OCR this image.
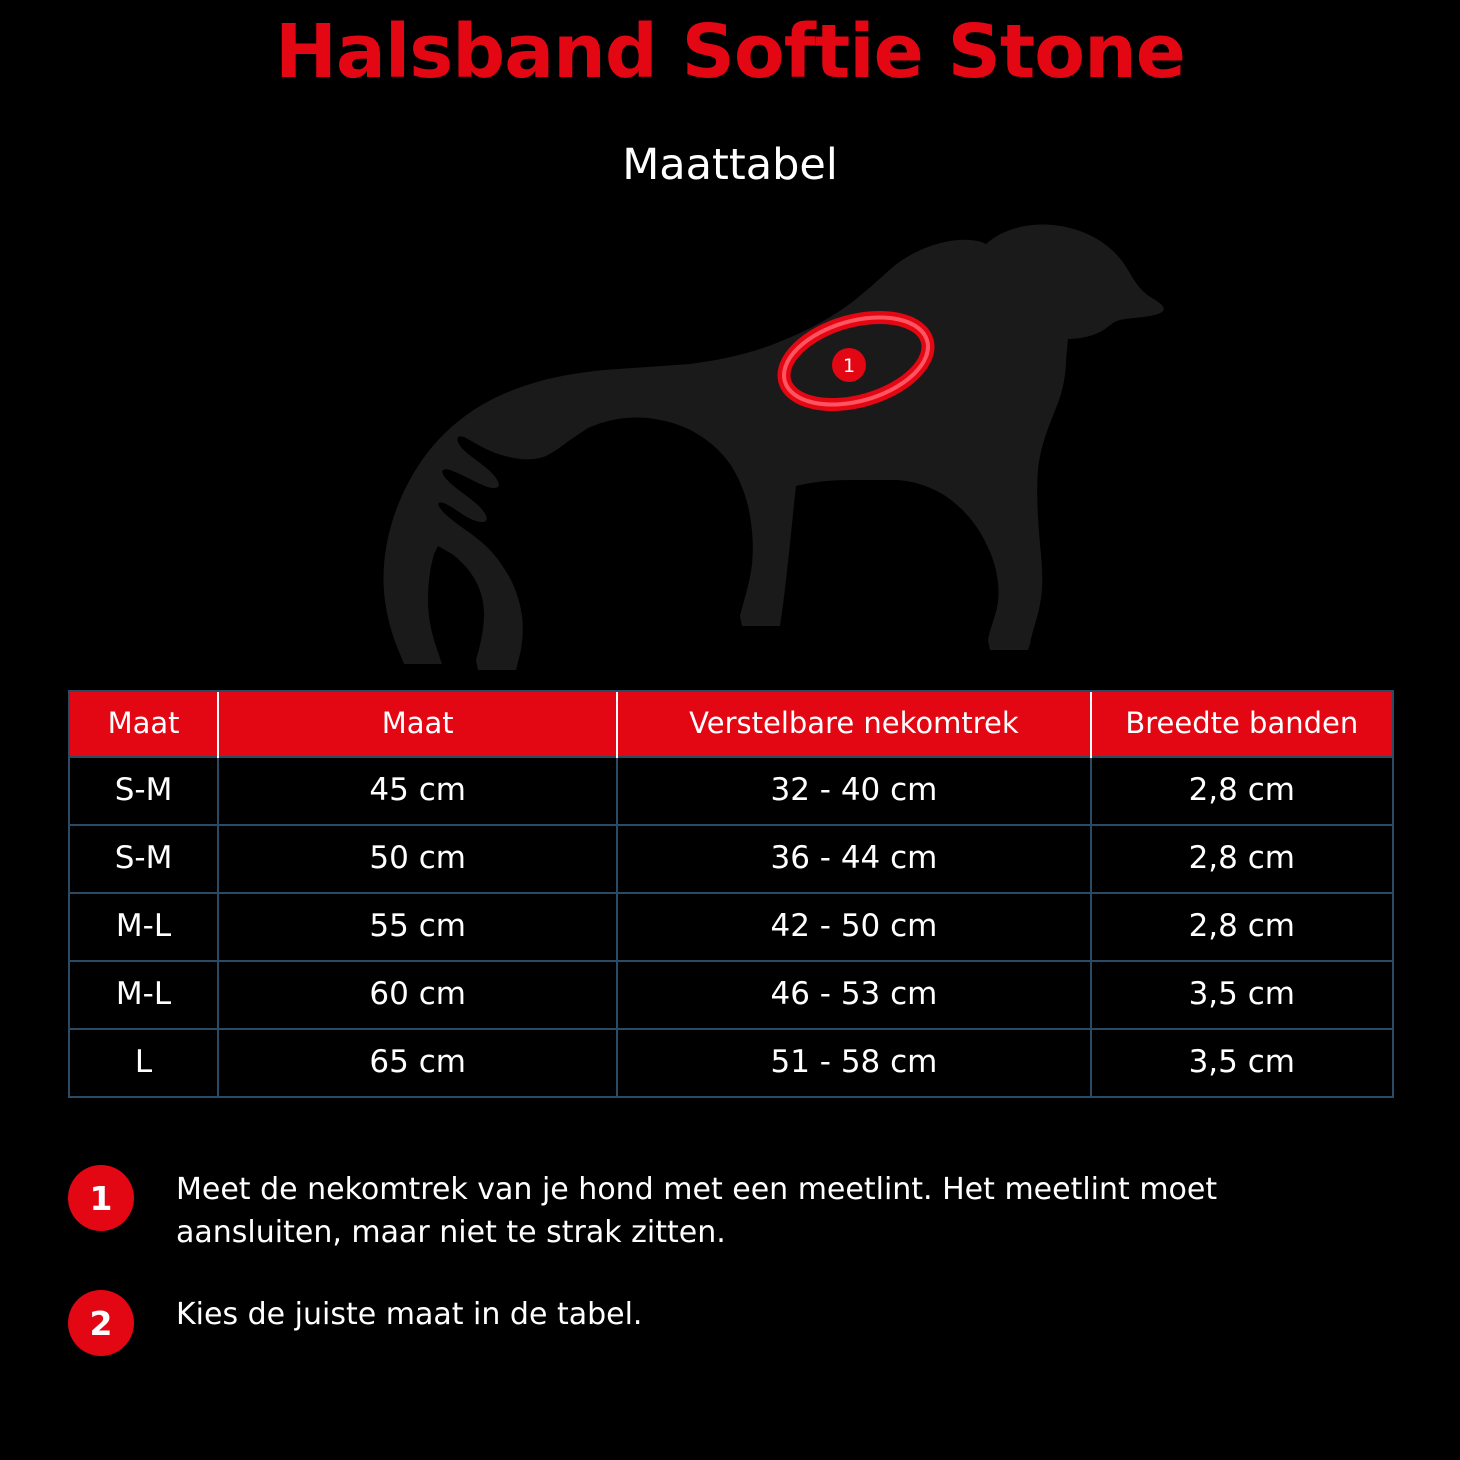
Halsband Softie Stone
Maattabel
1
Maat	Maat	Verstelbare nekomtrek	Breedte banden
S-M	45 cm	32 - 40 cm	2,8 cm
S-M	50 cm	36 - 44 cm	2,8 cm
M-L	55 cm	42 - 50 cm	2,8 cm
M-L	60 cm	46 - 53 cm	3,5 cm
L	65 cm	51 - 58 cm	3,5 cm
1	Meet de nekomtrek van je hond met een meetlint. Het meetlint moet aansluiten, maar niet te strak zitten.
2	Kies de juiste maat in de tabel.
